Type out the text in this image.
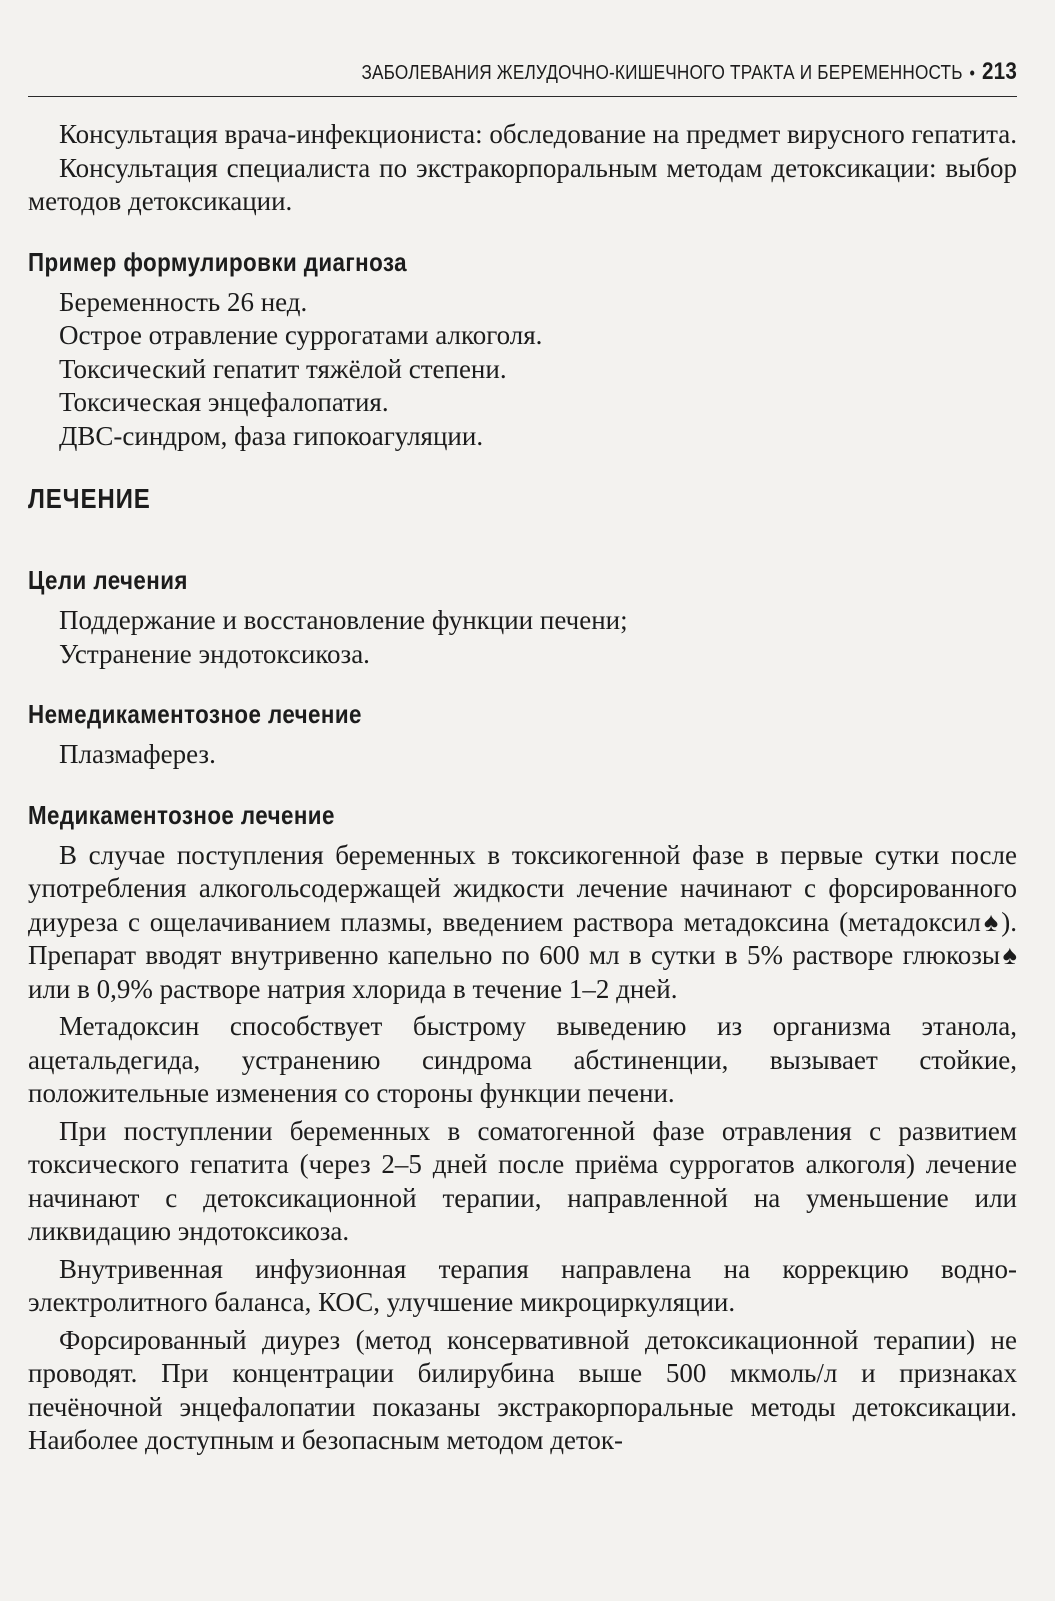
ЗАБОЛЕВАНИЯ ЖЕЛУДОЧНО-КИШЕЧНОГО ТРАКТА И БЕРЕМЕННОСТЬ • 213

Консультация врача-инфекциониста: обследование на предмет вирусного гепатита.

Консультация специалиста по экстракорпоральным методам детоксикации: выбор методов детоксикации.

Пример формулировки диагноза

Беременность 26 нед.

Острое отравление суррогатами алкоголя.

Токсический гепатит тяжёлой степени.

Токсическая энцефалопатия.

ДВС-синдром, фаза гипокоагуляции.

ЛЕЧЕНИЕ
Цели лечения

Поддержание и восстановление функции печени;

Устранение эндотоксикоза.

Немедикаментозное лечение

Плазмаферез.

Медикаментозное лечение

В случае поступления беременных в токсикогенной фазе в первые сутки после употребления алкогольсодержащей жидкости лечение начинают с форсированного диуреза с ощелачиванием плазмы, введением раствора метадоксина (метадоксил♠). Препарат вводят внутривенно капельно по 600 мл в сутки в 5% растворе глюкозы♠ или в 0,9% растворе натрия хлорида в течение 1–2 дней.

Метадоксин способствует быстрому выведению из организма этанола, ацетальдегида, устранению синдрома абстиненции, вызывает стойкие, положительные изменения со стороны функции печени.

При поступлении беременных в соматогенной фазе отравления с развитием токсического гепатита (через 2–5 дней после приёма суррогатов алкоголя) лечение начинают с детоксикационной терапии, направленной на уменьшение или ликвидацию эндотоксикоза.

Внутривенная инфузионная терапия направлена на коррекцию водно-электролитного баланса, КОС, улучшение микроциркуляции.

Форсированный диурез (метод консервативной детоксикационной терапии) не проводят. При концентрации билирубина выше 500 мкмоль/л и признаках печёночной энцефалопатии показаны экстракорпоральные методы детоксикации. Наиболее доступным и безопасным методом деток-
